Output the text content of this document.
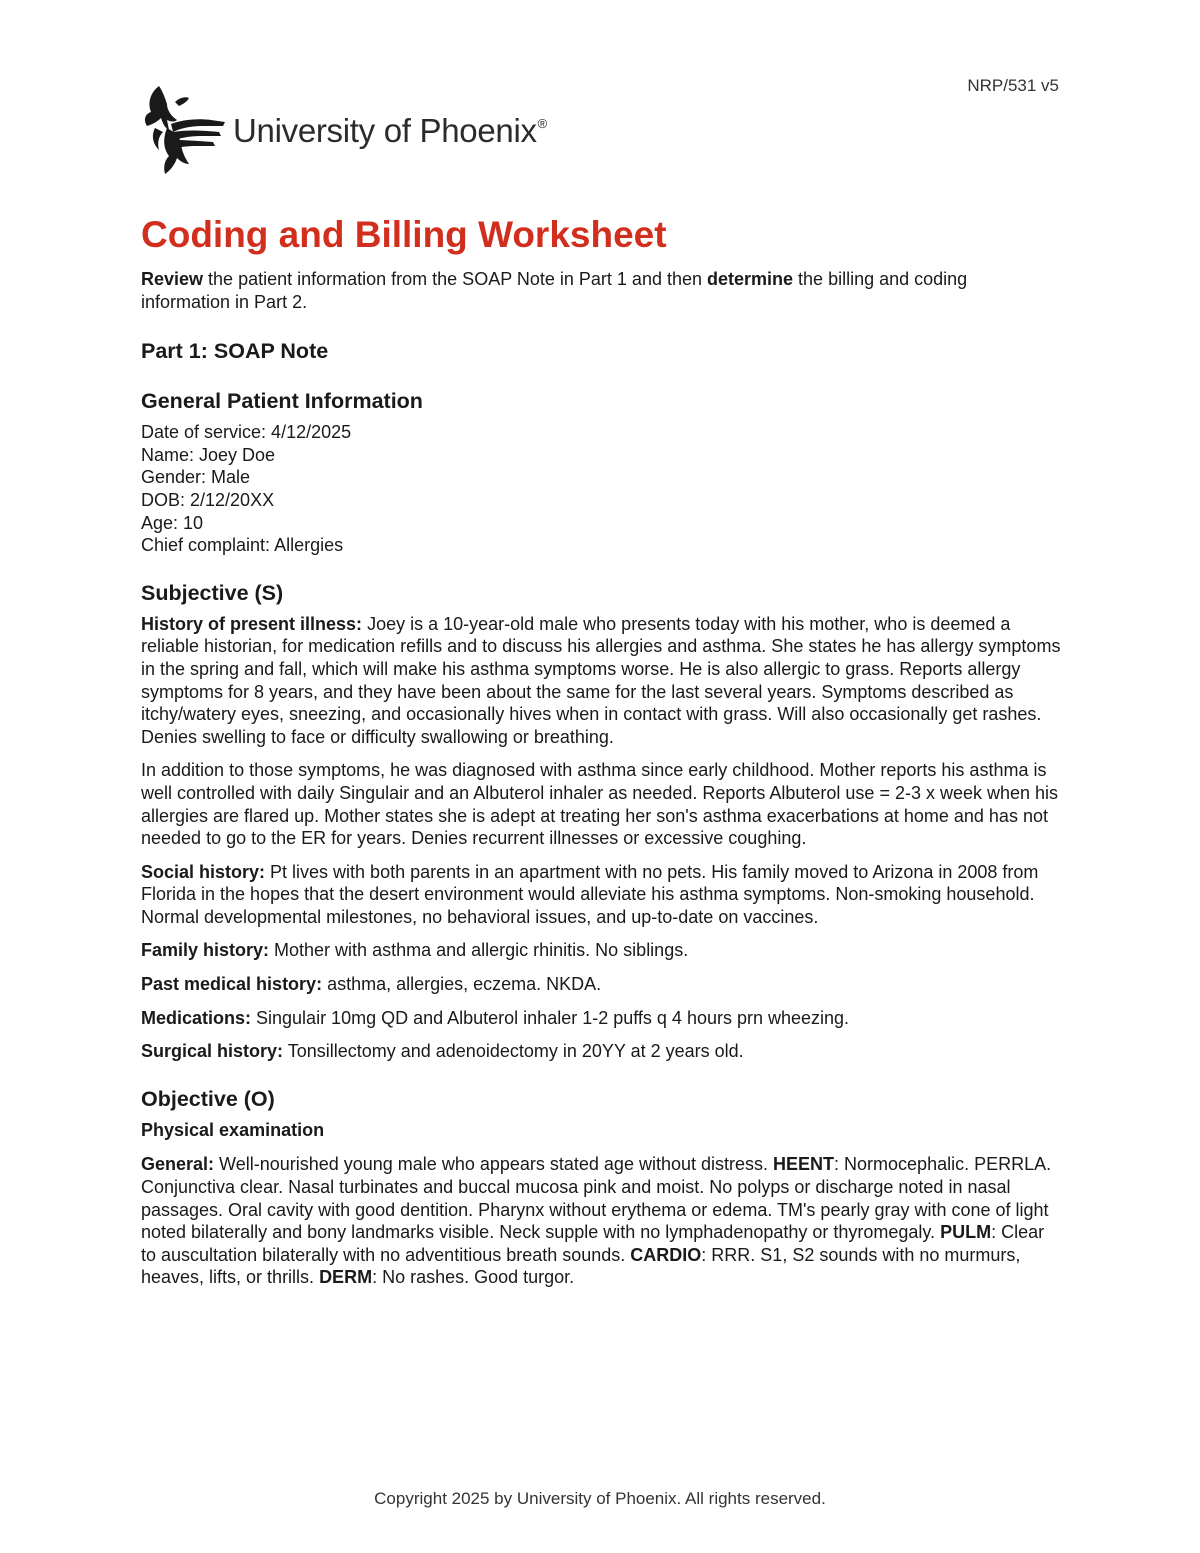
NRP/531 v5
University of Phoenix®
Coding and Billing Worksheet

Review the patient information from the SOAP Note in Part 1 and then determine the billing and coding information in Part 2.

Part 1: SOAP Note
General Patient Information

Date of service: 4/12/2025

Name: Joey Doe

Gender: Male

DOB: 2/12/20XX

Age: 10

Chief complaint: Allergies

Subjective (S)

History of present illness: Joey is a 10-year-old male who presents today with his mother, who is deemed a reliable historian, for medication refills and to discuss his allergies and asthma. She states he has allergy symptoms in the spring and fall, which will make his asthma symptoms worse. He is also allergic to grass. Reports allergy symptoms for 8 years, and they have been about the same for the last several years. Symptoms described as itchy/watery eyes, sneezing, and occasionally hives when in contact with grass. Will also occasionally get rashes. Denies swelling to face or difficulty swallowing or breathing.

In addition to those symptoms, he was diagnosed with asthma since early childhood. Mother reports his asthma is well controlled with daily Singulair and an Albuterol inhaler as needed. Reports Albuterol use = 2-3 x week when his allergies are flared up. Mother states she is adept at treating her son's asthma exacerbations at home and has not needed to go to the ER for years. Denies recurrent illnesses or excessive coughing.

Social history: Pt lives with both parents in an apartment with no pets. His family moved to Arizona in 2008 from Florida in the hopes that the desert environment would alleviate his asthma symptoms. Non-smoking household. Normal developmental milestones, no behavioral issues, and up-to-date on vaccines.

Family history: Mother with asthma and allergic rhinitis. No siblings.

Past medical history: asthma, allergies, eczema. NKDA.

Medications: Singulair 10mg QD and Albuterol inhaler 1-2 puffs q 4 hours prn wheezing.

Surgical history: Tonsillectomy and adenoidectomy in 20YY at 2 years old.

Objective (O)
Physical examination

General: Well-nourished young male who appears stated age without distress. HEENT: Normocephalic. PERRLA. Conjunctiva clear. Nasal turbinates and buccal mucosa pink and moist. No polyps or discharge noted in nasal passages. Oral cavity with good dentition. Pharynx without erythema or edema. TM's pearly gray with cone of light noted bilaterally and bony landmarks visible. Neck supple with no lymphadenopathy or thyromegaly. PULM: Clear to auscultation bilaterally with no adventitious breath sounds. CARDIO: RRR. S1, S2 sounds with no murmurs, heaves, lifts, or thrills. DERM: No rashes. Good turgor.

Copyright 2025 by University of Phoenix. All rights reserved.
